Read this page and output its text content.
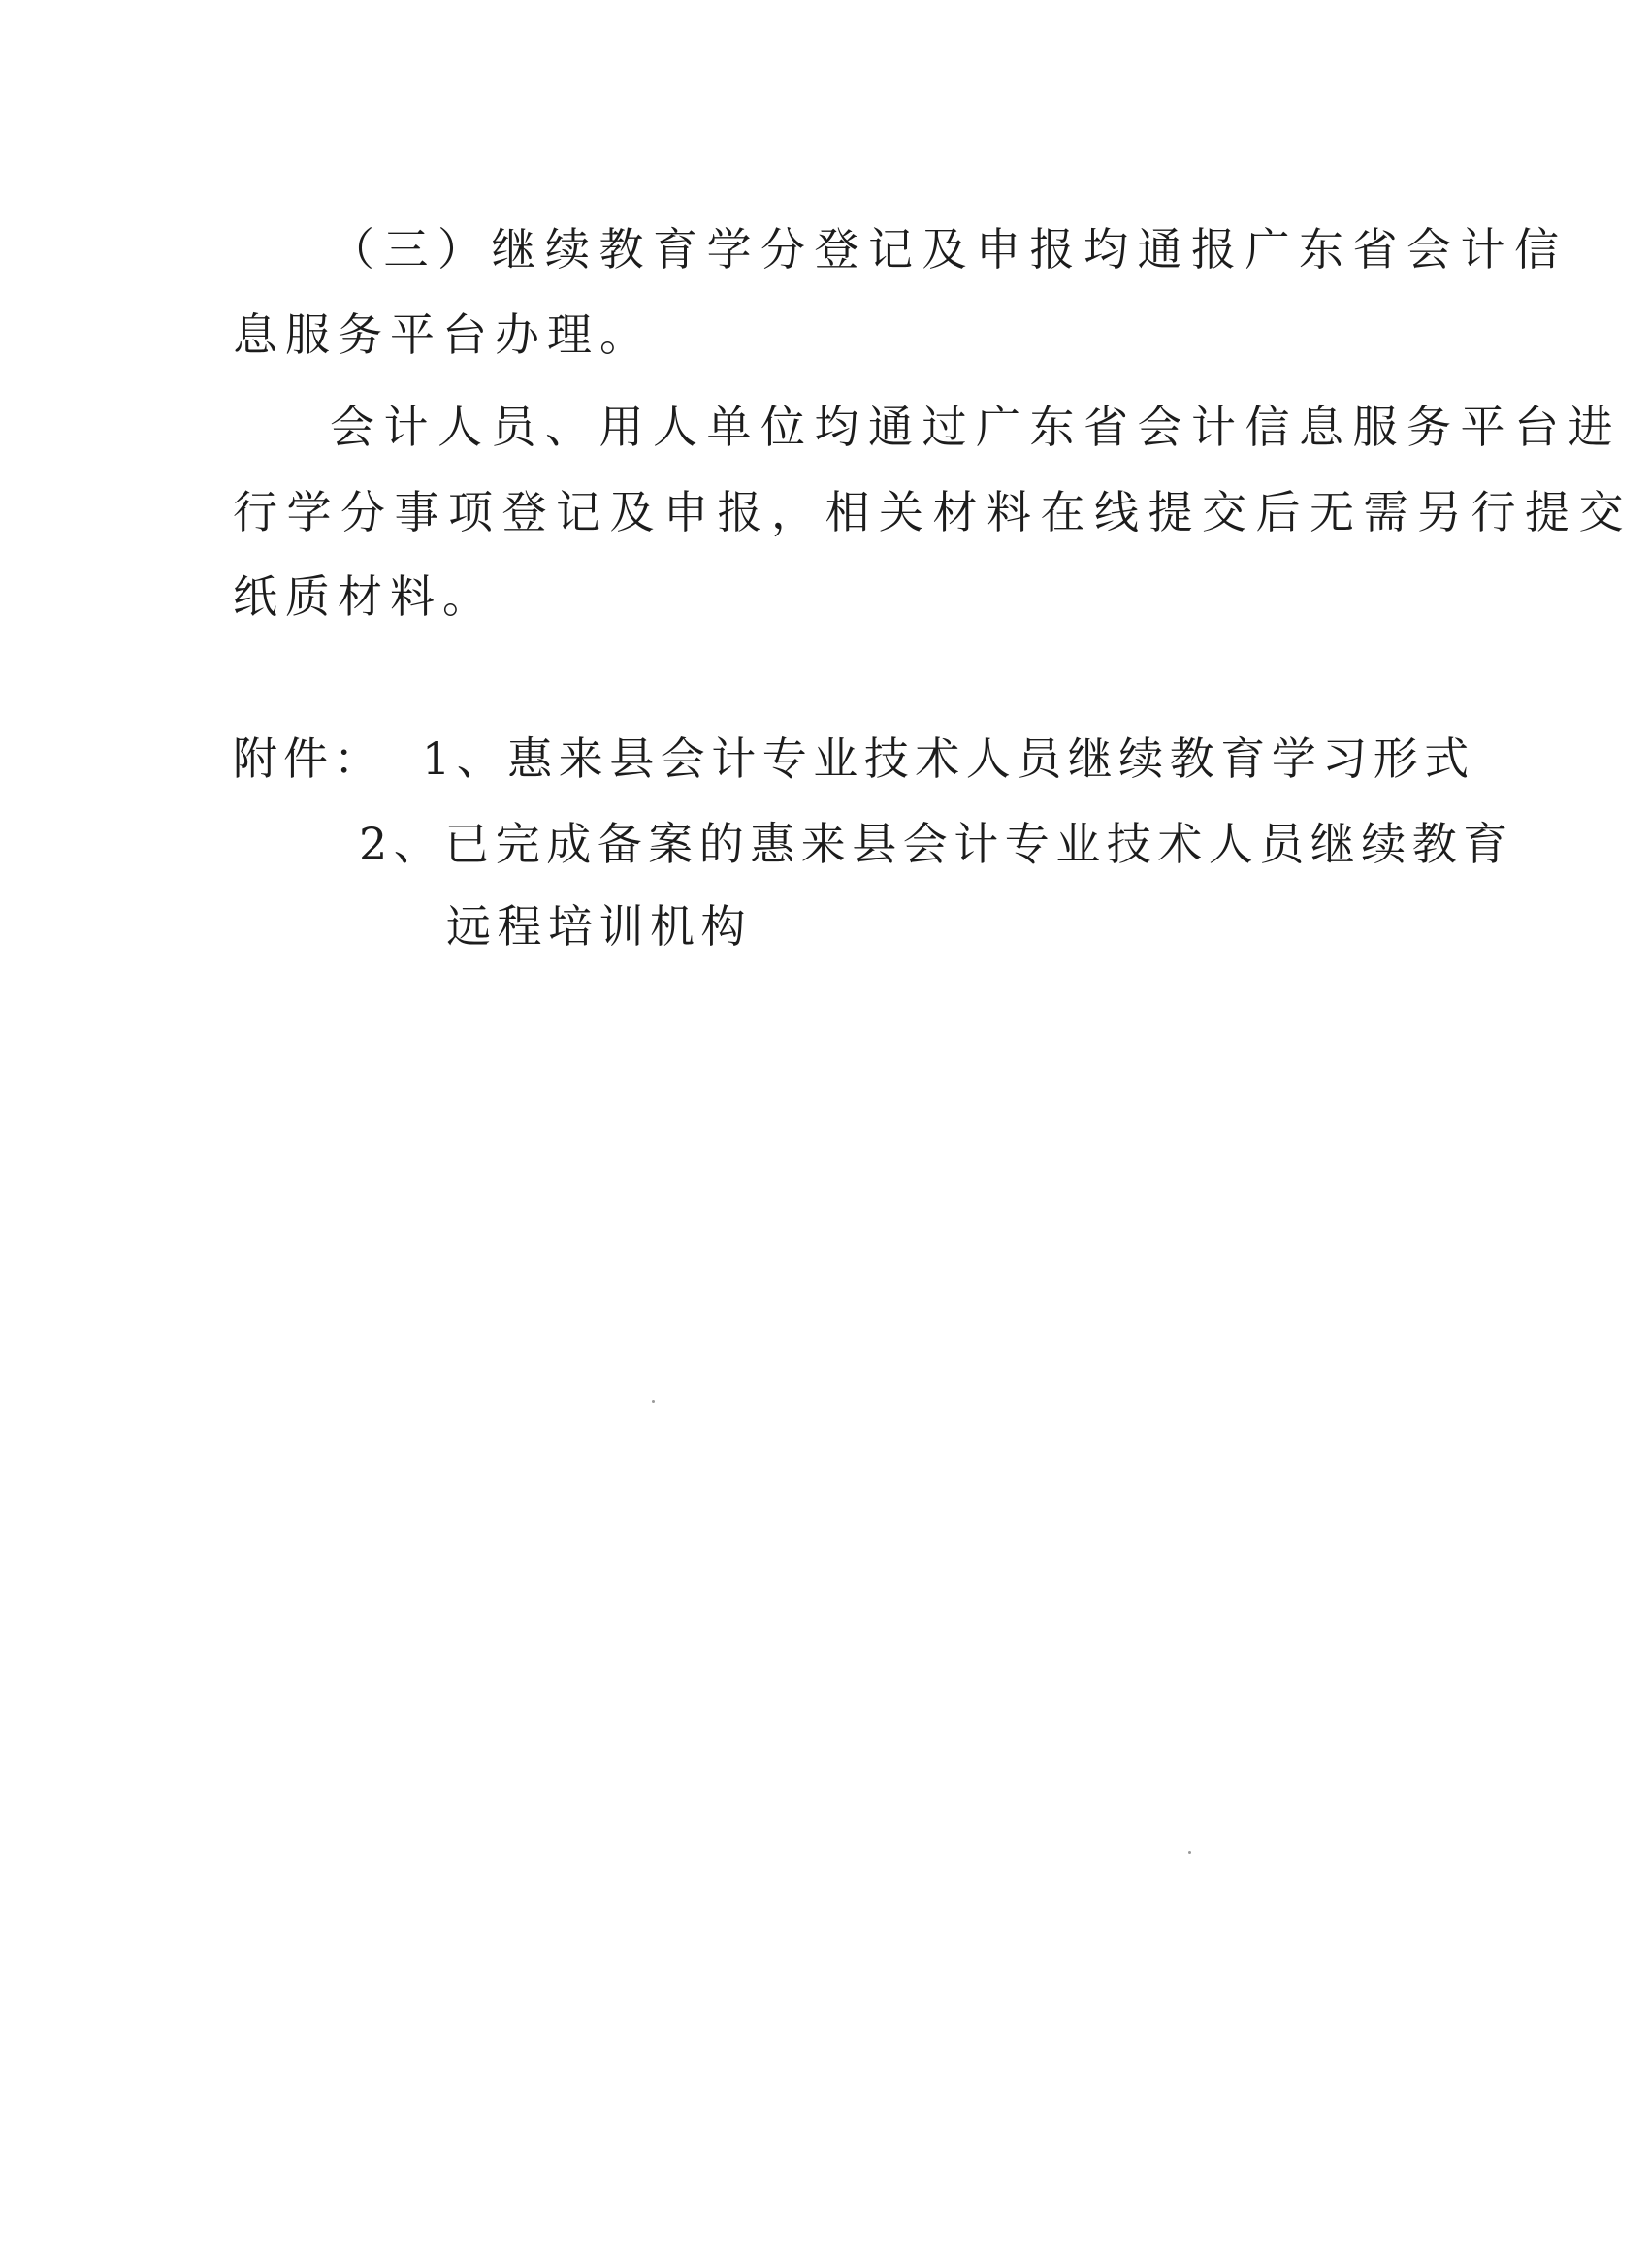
（三）继续教育学分登记及申报均通报广东省会计信
息服务平台办理。
会计人员、用人单位均通过广东省会计信息服务平台进
行学分事项登记及申报，相关材料在线提交后无需另行提交
纸质材料。
附件： 1、惠来县会计专业技术人员继续教育学习形式
2、已完成备案的惠来县会计专业技术人员继续教育
远程培训机构
